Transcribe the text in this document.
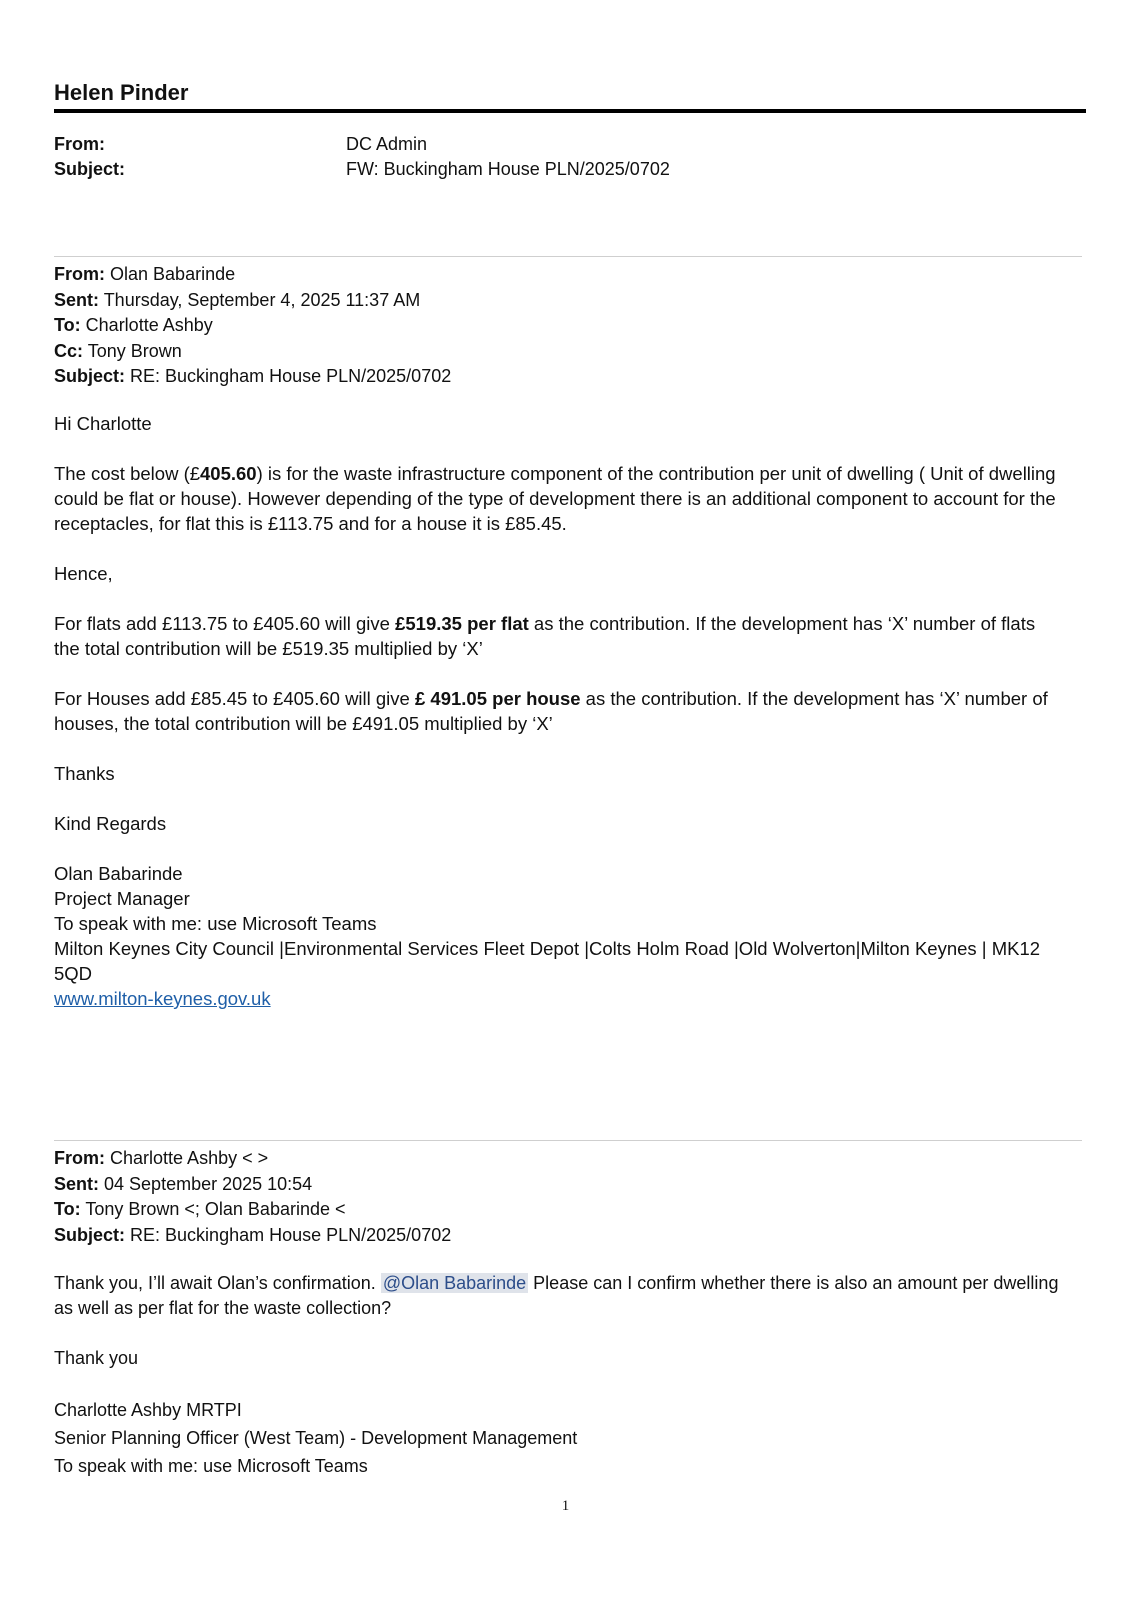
Helen Pinder
From:	DC Admin
Subject:	FW: Buckingham House PLN/2025/0702
From: Olan Babarinde
Sent: Thursday, September 4, 2025 11:37 AM
To: Charlotte Ashby
Cc: Tony Brown
Subject: RE: Buckingham House PLN/2025/0702

Hi Charlotte

The cost below (£405.60) is for the waste infrastructure component of the contribution per unit of dwelling ( Unit of dwelling could be flat or house). However depending of the type of development there is an additional component to account for the receptacles, for flat this is £113.75 and for a house it is £85.45.

Hence,

For flats add £113.75 to £405.60 will give £519.35 per flat as the contribution. If the development has ‘X’ number of flats the total contribution will be £519.35 multiplied by ‘X’

For Houses add £85.45 to £405.60 will give £ 491.05 per house as the contribution. If the development has ‘X’ number of houses, the total contribution will be £491.05 multiplied by ‘X’

Thanks

Kind Regards

Olan Babarinde
Project Manager
To speak with me: use Microsoft Teams
Milton Keynes City Council |Environmental Services Fleet Depot |Colts Holm Road |Old Wolverton|Milton Keynes | MK12 5QD
www.milton-keynes.gov.uk
From: Charlotte Ashby < >
Sent: 04 September 2025 10:54
To: Tony Brown <; Olan Babarinde <
Subject: RE: Buckingham House PLN/2025/0702

Thank you, I’ll await Olan’s confirmation. @Olan Babarinde Please can I confirm whether there is also an amount per dwelling as well as per flat for the waste collection?

Thank you

Charlotte Ashby MRTPI
Senior Planning Officer (West Team) - Development Management
To speak with me: use Microsoft Teams
1
